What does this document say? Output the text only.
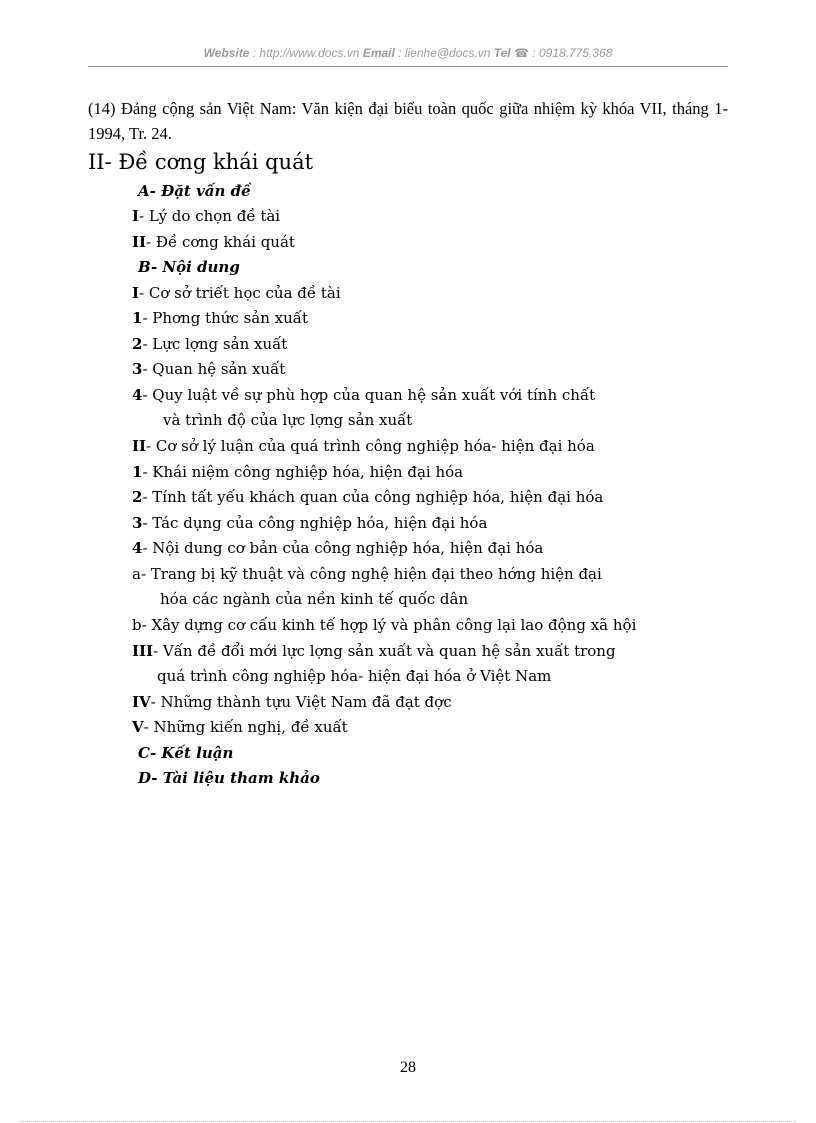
Website : http://www.docs.vn Email : lienhe@docs.vn Tel ☎ : 0918.775.368
(14) Đảng cộng sản Việt Nam: Văn kiện đại biểu toàn quốc giữa nhiệm kỳ khóa VII, tháng 1- 1994, Tr. 24.
II- Đề cơng khái quát
A- Đặt vấn đề
I- Lý do chọn đề tài
II- Đề cơng khái quát
B- Nội dung
I- Cơ sở triết học của đề tài
1- Phơng thức sản xuất
2- Lực lợng sản xuất
3- Quan hệ sản xuất
4- Quy luật về sự phù hợp của quan hệ sản xuất với tính chất
và trình độ của lực lợng sản xuất
II- Cơ sở lý luận của quá trình công nghiệp hóa- hiện đại hóa
1- Khái niệm công nghiệp hóa, hiện đại hóa
2- Tính tất yếu khách quan của công nghiệp hóa, hiện đại hóa
3- Tác dụng của công nghiệp hóa, hiện đại hóa
4- Nội dung cơ bản của công nghiệp hóa, hiện đại hóa
a- Trang bị kỹ thuật và công nghệ hiện đại theo hớng hiện đại
hóa các ngành của nền kinh tế quốc dân
b- Xây dựng cơ cấu kinh tế hợp lý và phân công lại lao động xã hội
III- Vấn đề đổi mới lực lợng sản xuất và quan hệ sản xuất trong
quá trình công nghiệp hóa- hiện đại hóa ở Việt Nam
IV- Những thành tựu Việt Nam đã đạt đợc
V- Những kiến nghị, đề xuất
C- Kết luận
D- Tài liệu tham khảo
28
